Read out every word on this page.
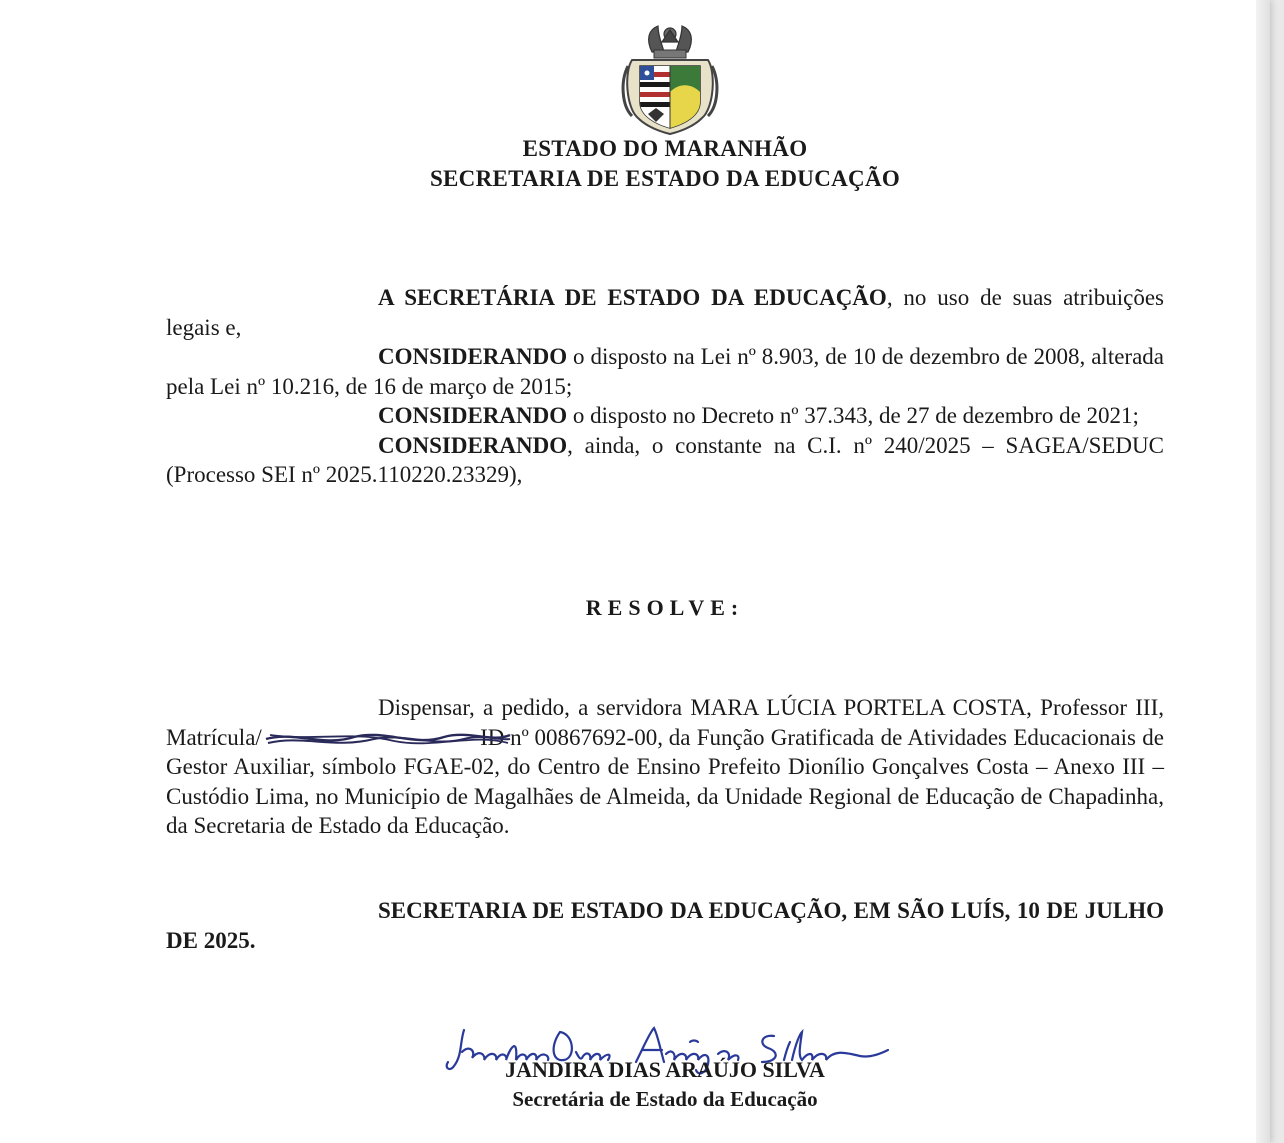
ESTADO DO MARANHÃO
SECRETARIA DE ESTADO DA EDUCAÇÃO

A SECRETÁRIA DE ESTADO DA EDUCAÇÃO, no uso de suas atribuições legais e,

CONSIDERANDO o disposto na Lei nº 8.903, de 10 de dezembro de 2008, alterada pela Lei nº 10.216, de 16 de março de 2015;

CONSIDERANDO o disposto no Decreto nº 37.343, de 27 de dezembro de 2021;

CONSIDERANDO, ainda, o constante na C.I. nº 240/2025 – SAGEA/SEDUC (Processo SEI nº 2025.110220.23329),

RESOLVE:

Dispensar, a pedido, a servidora MARA LÚCIA PORTELA COSTA, Professor III, Matrícula/	ID nº 00867692-00, da
Função Gratificada de Atividades Educacionais de Gestor Auxiliar, símbolo FGAE-02, do Centro de Ensino Prefeito Dionílio Gonçalves Costa – Anexo III – Custódio Lima, no Município de Magalhães de Almeida, da Unidade Regional de Educação de Chapadinha, da Secretaria de Estado da Educação.

SECRETARIA DE ESTADO DA EDUCAÇÃO, EM SÃO LUÍS, 10 DE JULHO DE 2025.

JANDIRA DIAS ARAÚJO SILVA
Secretária de Estado da Educação
